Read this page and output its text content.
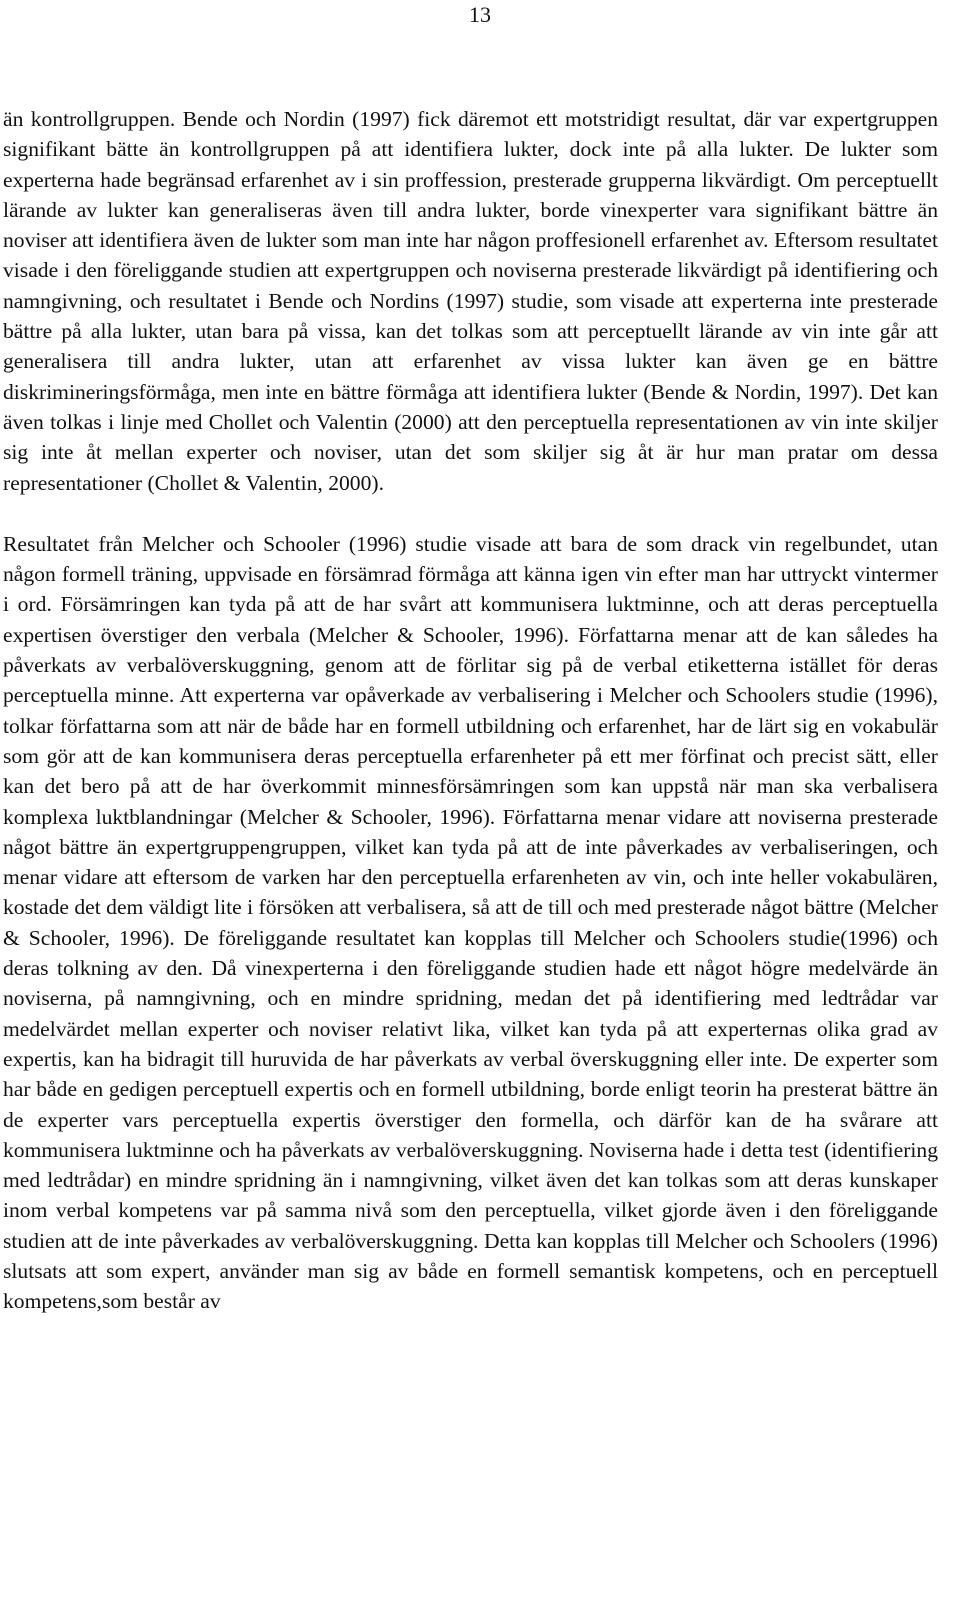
13

än kontrollgruppen. Bende och Nordin (1997) fick däremot ett motstridigt resultat, där var expertgruppen signifikant bätte än kontrollgruppen på att identifiera lukter, dock inte på alla lukter. De lukter som experterna hade begränsad erfarenhet av i sin proffession, presterade grupperna likvärdigt. Om perceptuellt lärande av lukter kan generaliseras även till andra lukter, borde vinexperter vara signifikant bättre än noviser att identifiera även de lukter som man inte har någon proffesionell erfarenhet av. Eftersom resultatet visade i den föreliggande studien att expertgruppen och noviserna presterade likvärdigt på identifiering och namngivning, och resultatet i Bende och Nordins (1997) studie, som visade att experterna inte presterade bättre på alla lukter, utan bara på vissa, kan det tolkas som att perceptuellt lärande av vin inte går att generalisera till andra lukter, utan att erfarenhet av vissa lukter kan även ge en bättre diskrimineringsförmåga, men inte en bättre förmåga att identifiera lukter (Bende & Nordin, 1997). Det kan även tolkas i linje med Chollet och Valentin (2000) att den perceptuella representationen av vin inte skiljer sig inte åt mellan experter och noviser, utan det som skiljer sig åt är hur man pratar om dessa representationer (Chollet & Valentin, 2000).

Resultatet från Melcher och Schooler (1996) studie visade att bara de som drack vin regelbundet, utan någon formell träning, uppvisade en försämrad förmåga att känna igen vin efter man har uttryckt vintermer i ord. Försämringen kan tyda på att de har svårt att kommunisera luktminne, och att deras perceptuella expertisen överstiger den verbala (Melcher & Schooler, 1996). Författarna menar att de kan således ha påverkats av verbalöverskuggning, genom att de förlitar sig på de verbal etiketterna istället för deras perceptuella minne. Att experterna var opåverkade av verbalisering i Melcher och Schoolers studie (1996), tolkar författarna som att när de både har en formell utbildning och erfarenhet, har de lärt sig en vokabulär som gör att de kan kommunisera deras perceptuella erfarenheter på ett mer förfinat och precist sätt, eller kan det bero på att de har överkommit minnesförsämringen som kan uppstå när man ska verbalisera komplexa luktblandningar (Melcher & Schooler, 1996). Författarna menar vidare att noviserna presterade något bättre än expertgruppengruppen, vilket kan tyda på att de inte påverkades av verbaliseringen, och menar vidare att eftersom de varken har den perceptuella erfarenheten av vin, och inte heller vokabulären, kostade det dem väldigt lite i försöken att verbalisera, så att de till och med presterade något bättre (Melcher & Schooler, 1996). De föreliggande resultatet kan kopplas till Melcher och Schoolers studie(1996) och deras tolkning av den. Då vinexperterna i den föreliggande studien hade ett något högre medelvärde än noviserna, på namngivning, och en mindre spridning, medan det på identifiering med ledtrådar var medelvärdet mellan experter och noviser relativt lika, vilket kan tyda på att experternas olika grad av expertis, kan ha bidragit till huruvida de har påverkats av verbal överskuggning eller inte. De experter som har både en gedigen perceptuell expertis och en formell utbildning, borde enligt teorin ha presterat bättre än de experter vars perceptuella expertis överstiger den formella, och därför kan de ha svårare att kommunisera luktminne och ha påverkats av verbalöverskuggning. Noviserna hade i detta test (identifiering med ledtrådar) en mindre spridning än i namngivning, vilket även det kan tolkas som att deras kunskaper inom verbal kompetens var på samma nivå som den perceptuella, vilket gjorde även i den föreliggande studien att de inte påverkades av verbalöverskuggning. Detta kan kopplas till Melcher och Schoolers (1996) slutsats att som expert, använder man sig av både en formell semantisk kompetens, och en perceptuell kompetens,som består av
